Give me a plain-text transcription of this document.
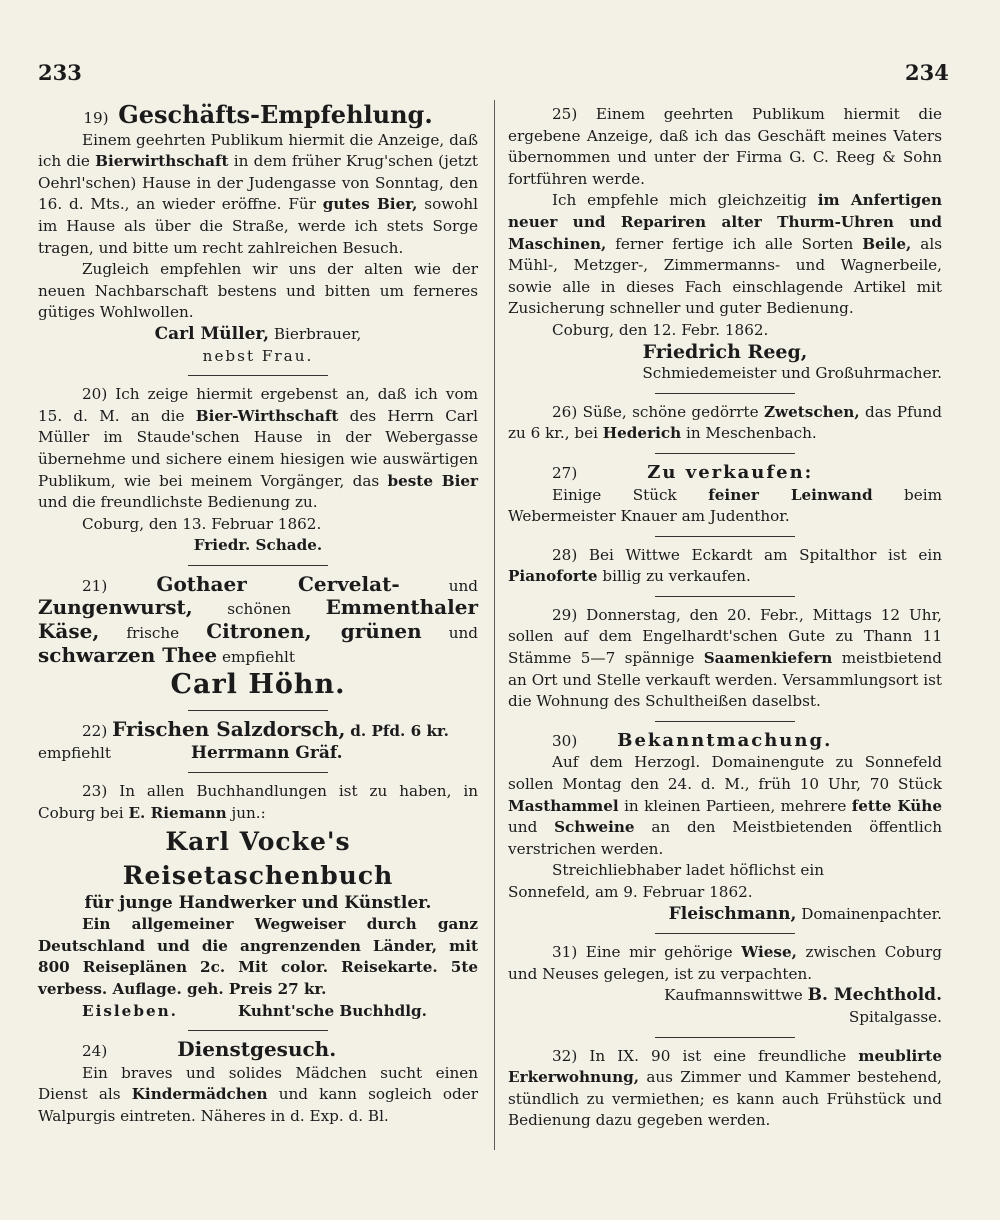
233	234

19) Geschäfts-Empfehlung.

Einem geehrten Publikum hiermit die Anzeige, daß ich die Bierwirthschaft in dem früher Krug'schen (jetzt Oehrl'schen) Hause in der Judengasse von Sonntag, den 16. d. Mts., an wieder eröffne. Für gutes Bier, sowohl im Hause als über die Straße, werde ich stets Sorge tragen, und bitte um recht zahlreichen Besuch.

Zugleich empfehlen wir uns der alten wie der neuen Nachbarschaft bestens und bitten um ferneres gütiges Wohlwollen.

Carl Müller, Bierbrauer,

nebst Frau.

20) Ich zeige hiermit ergebenst an, daß ich vom 15. d. M. an die Bier-Wirthschaft des Herrn Carl Müller im Staude'schen Hause in der Webergasse übernehme und sichere einem hiesigen wie auswärtigen Publikum, wie bei meinem Vorgänger, das beste Bier und die freundlichste Bedienung zu.

Coburg, den 13. Februar 1862.

Friedr. Schade.

21) Gothaer Cervelat-	und Zungenwurst, schönen Emmenthaler Käse, frische Citronen, grünen und schwarzen Thee empfiehlt

Carl Höhn.

22) Frischen Salzdorsch, d. Pfd. 6 kr.

empfiehlt	Herrmann Gräf.

23) In allen Buchhandlungen ist zu haben, in Coburg bei E. Riemann jun.:

Karl Vocke's Reisetaschenbuch

für junge Handwerker und Künstler.

Ein allgemeiner Wegweiser durch ganz Deutschland und die angrenzenden Länder, mit 800 Reiseplänen 2c. Mit color. Reisekarte. 5te verbess. Auflage. geh. Preis 27 kr.

Eisleben.	Kuhnt'sche Buchhdlg.

24)	Dienstgesuch.

Ein braves und solides Mädchen sucht einen Dienst als Kindermädchen und kann sogleich oder Walpurgis eintreten. Näheres in d. Exp. d. Bl.

25) Einem geehrten Publikum hiermit die ergebene Anzeige, daß ich das Geschäft meines Vaters übernommen und unter der Firma G. C. Reeg & Sohn fortführen werde.

Ich empfehle mich gleichzeitig im Anfertigen neuer und Repariren alter Thurm-Uhren und Maschinen, ferner fertige ich alle Sorten Beile, als Mühl-, Metzger-, Zimmermanns- und Wagnerbeile, sowie alle in dieses Fach einschlagende Artikel mit Zusicherung schneller und guter Bedienung.

Coburg, den 12. Febr. 1862.

Friedrich Reeg,

Schmiedemeister und Großuhrmacher.

26) Süße, schöne gedörrte Zwetschen, das Pfund zu 6 kr., bei Hederich in Meschenbach.

27)	Zu verkaufen:

Einige Stück feiner Leinwand beim Webermeister Knauer am Judenthor.

28) Bei Wittwe Eckardt am Spitalthor ist ein Pianoforte billig zu verkaufen.

29) Donnerstag, den 20. Febr., Mittags 12 Uhr, sollen auf dem Engelhardt'schen Gute zu Thann 11 Stämme 5—7 spännige Saamenkiefern meistbietend an Ort und Stelle verkauft werden. Versammlungsort ist die Wohnung des Schultheißen daselbst.

30) Bekanntmachung.

Auf dem Herzogl. Domainengute zu Sonnefeld sollen Montag den 24. d. M., früh 10 Uhr, 70 Stück Masthammel in kleinen Partieen, mehrere fette Kühe und Schweine an den Meistbietenden öffentlich verstrichen werden.

Streichliebhaber ladet höflichst ein

Sonnefeld, am 9. Februar 1862.

Fleischmann, Domainenpachter.

31) Eine mir gehörige Wiese, zwischen Coburg und Neuses gelegen, ist zu verpachten.

Kaufmannswittwe B. Mechthold.

Spitalgasse.

32) In IX. 90 ist eine freundliche meublirte Erkerwohnung, aus Zimmer und Kammer bestehend, stündlich zu vermiethen; es kann auch Frühstück und Bedienung dazu gegeben werden.
